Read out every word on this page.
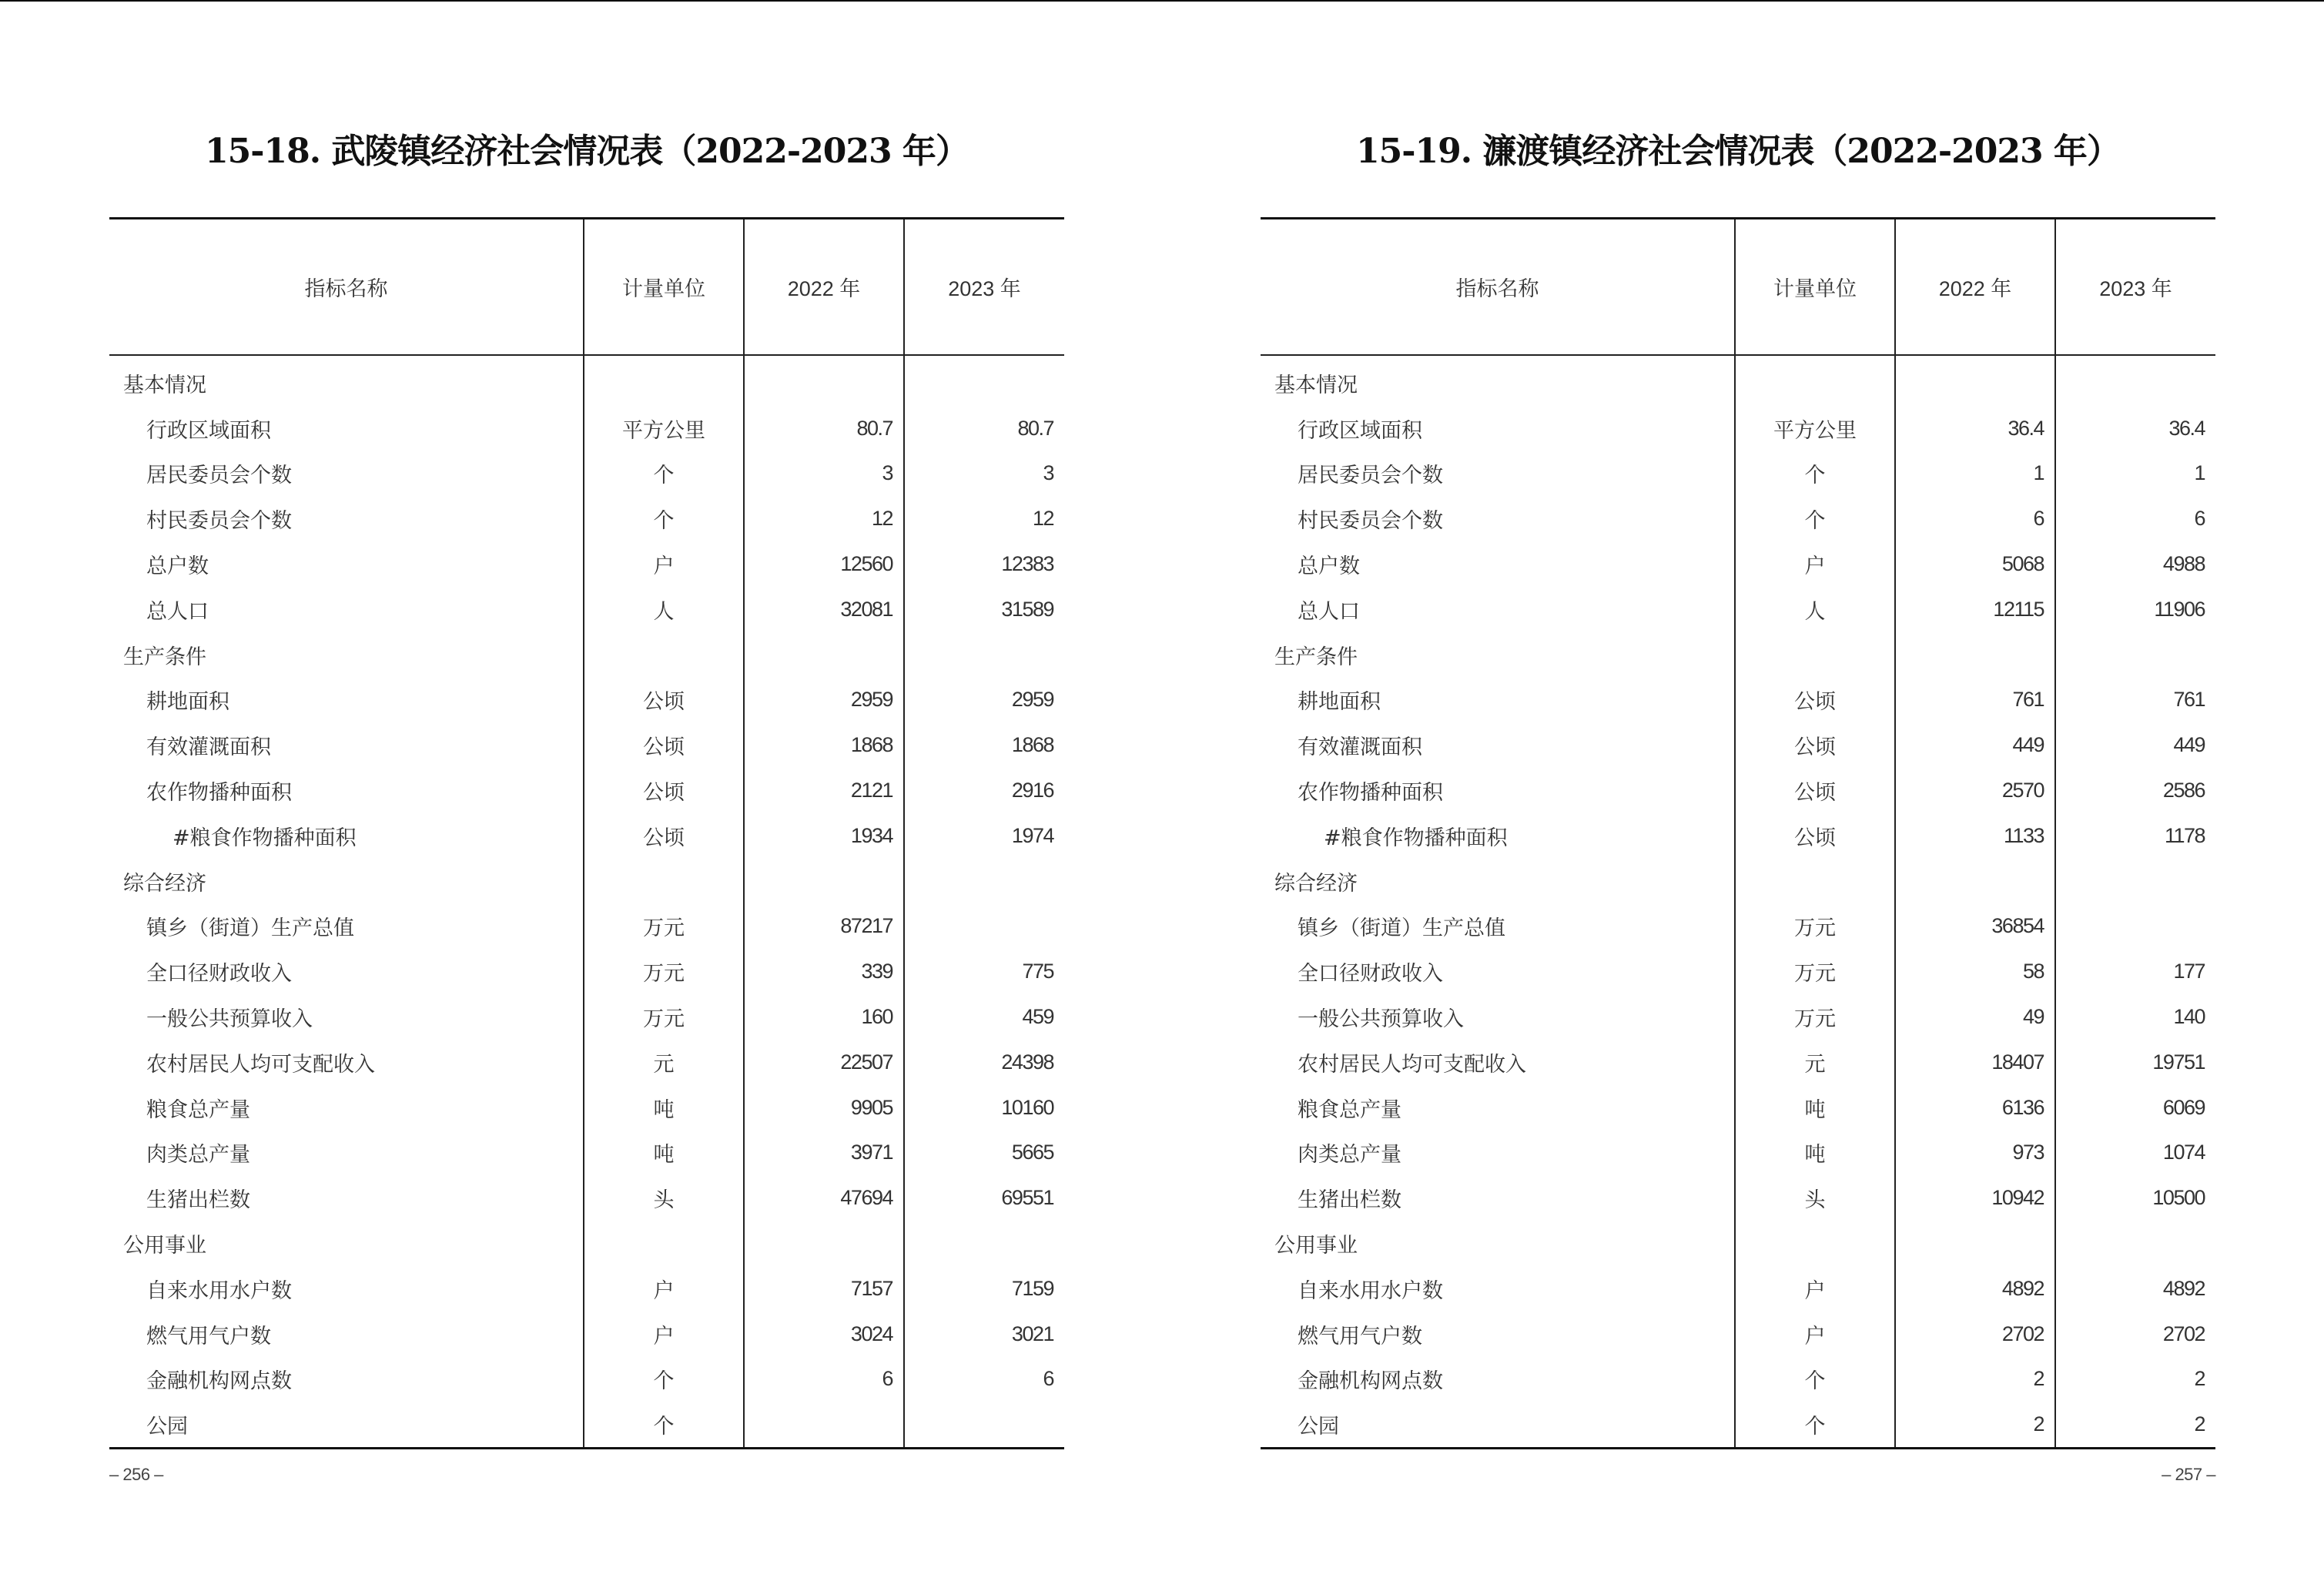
15-18. 武陵镇经济社会情况表（2022-2023 年）
指标名称	计量单位	2022 年	2023 年
基本情况			
行政区域面积	平方公里	80.7	80.7
居民委员会个数	个	3	3
村民委员会个数	个	12	12
总户数	户	12560	12383
总人口	人	32081	31589
生产条件			
耕地面积	公顷	2959	2959
有效灌溉面积	公顷	1868	1868
农作物播种面积	公顷	2121	2916
#粮食作物播种面积	公顷	1934	1974
综合经济			
镇乡（街道）生产总值	万元	87217	
全口径财政收入	万元	339	775
一般公共预算收入	万元	160	459
农村居民人均可支配收入	元	22507	24398
粮食总产量	吨	9905	10160
肉类总产量	吨	3971	5665
生猪出栏数	头	47694	69551
公用事业			
自来水用水户数	户	7157	7159
燃气用气户数	户	3024	3021
金融机构网点数	个	6	6
公园	个		
– 256 –
15-19. 濂渡镇经济社会情况表（2022-2023 年）
指标名称	计量单位	2022 年	2023 年
基本情况			
行政区域面积	平方公里	36.4	36.4
居民委员会个数	个	1	1
村民委员会个数	个	6	6
总户数	户	5068	4988
总人口	人	12115	11906
生产条件			
耕地面积	公顷	761	761
有效灌溉面积	公顷	449	449
农作物播种面积	公顷	2570	2586
#粮食作物播种面积	公顷	1133	1178
综合经济			
镇乡（街道）生产总值	万元	36854	
全口径财政收入	万元	58	177
一般公共预算收入	万元	49	140
农村居民人均可支配收入	元	18407	19751
粮食总产量	吨	6136	6069
肉类总产量	吨	973	1074
生猪出栏数	头	10942	10500
公用事业			
自来水用水户数	户	4892	4892
燃气用气户数	户	2702	2702
金融机构网点数	个	2	2
公园	个	2	2
– 257 –
